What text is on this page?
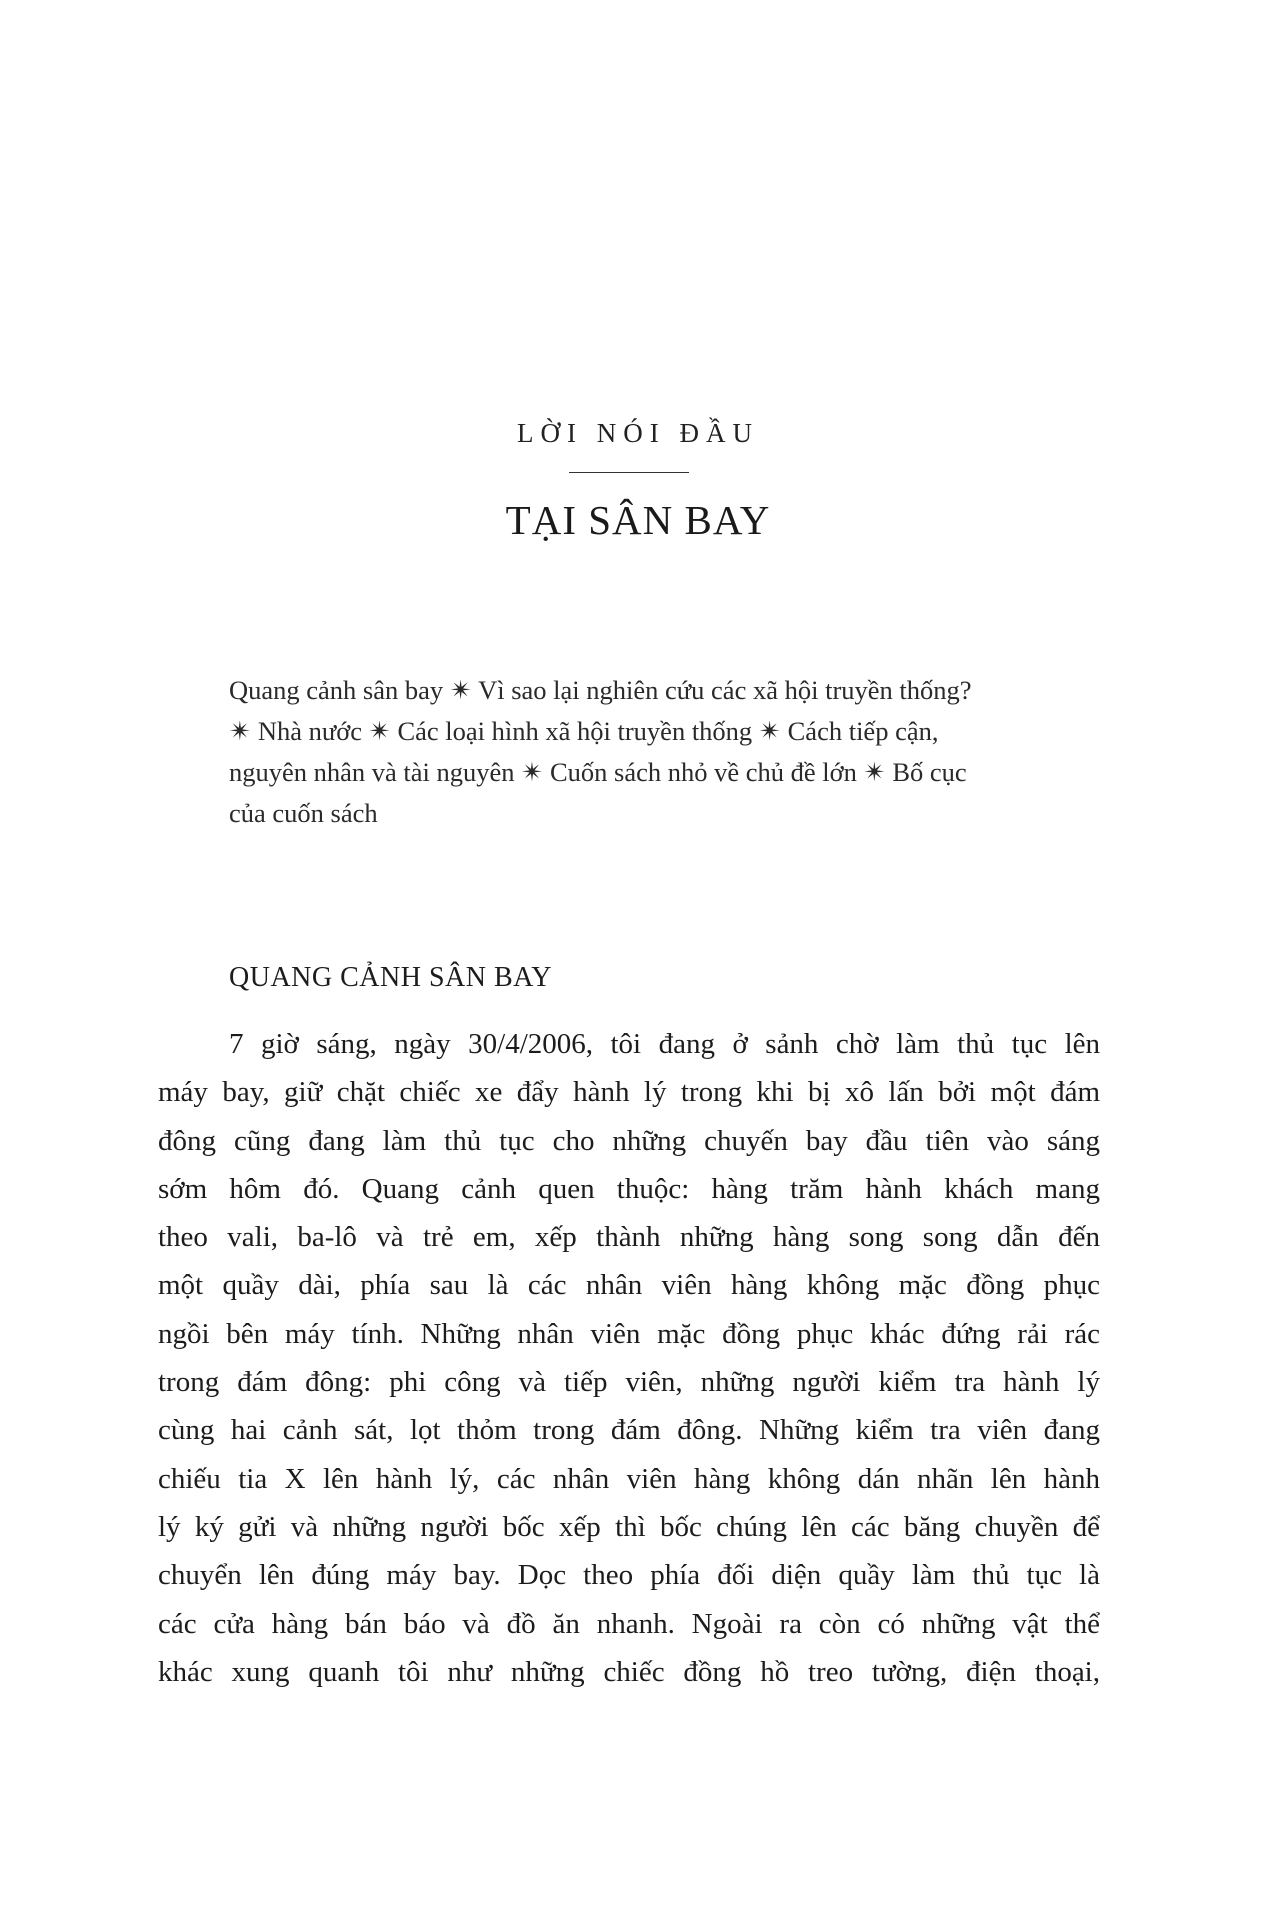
LỜI NÓI ĐẦU
TẠI SÂN BAY
Quang cảnh sân bay ✴ Vì sao lại nghiên cứu các xã hội truyền thống?
✴ Nhà nước ✴ Các loại hình xã hội truyền thống ✴ Cách tiếp cận,
nguyên nhân và tài nguyên ✴ Cuốn sách nhỏ về chủ đề lớn ✴ Bố cục
của cuốn sách
QUANG CẢNH SÂN BAY
7 giờ sáng, ngày 30/4/2006, tôi đang ở sảnh chờ làm thủ tục lên
máy bay, giữ chặt chiếc xe đẩy hành lý trong khi bị xô lấn bởi một đám
đông cũng đang làm thủ tục cho những chuyến bay đầu tiên vào sáng
sớm hôm đó. Quang cảnh quen thuộc: hàng trăm hành khách mang
theo vali, ba-lô và trẻ em, xếp thành những hàng song song dẫn đến
một quầy dài, phía sau là các nhân viên hàng không mặc đồng phục
ngồi bên máy tính. Những nhân viên mặc đồng phục khác đứng rải rác
trong đám đông: phi công và tiếp viên, những người kiểm tra hành lý
cùng hai cảnh sát, lọt thỏm trong đám đông. Những kiểm tra viên đang
chiếu tia X lên hành lý, các nhân viên hàng không dán nhãn lên hành
lý ký gửi và những người bốc xếp thì bốc chúng lên các băng chuyền để
chuyển lên đúng máy bay. Dọc theo phía đối diện quầy làm thủ tục là
các cửa hàng bán báo và đồ ăn nhanh. Ngoài ra còn có những vật thể
khác xung quanh tôi như những chiếc đồng hồ treo tường, điện thoại,
